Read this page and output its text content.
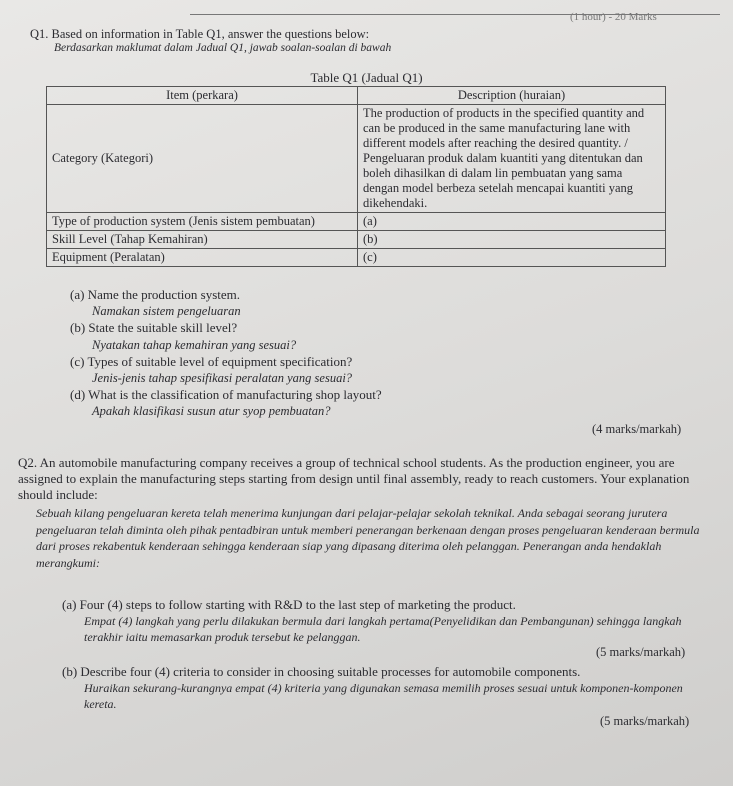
(1 hour) - 20 Marks
Q1. Based on information in Table Q1, answer the questions below:
Berdasarkan maklumat dalam Jadual Q1, jawab soalan-soalan di bawah
Table Q1 (Jadual Q1)
Item (perkara)	Description (huraian)
Category (Kategori)	The production of products in the specified quantity and can be produced in the same manufacturing lane with different models after reaching the desired quantity. / Pengeluaran produk dalam kuantiti yang ditentukan dan boleh dihasilkan di dalam lin pembuatan yang sama dengan model berbeza setelah mencapai kuantiti yang dikehendaki.
Type of production system (Jenis sistem pembuatan)	(a)
Skill Level (Tahap Kemahiran)	(b)
Equipment (Peralatan)	(c)
(a) Name the production system.
Namakan sistem pengeluaran
(b) State the suitable skill level?
Nyatakan tahap kemahiran yang sesuai?
(c) Types of suitable level of equipment specification?
Jenis-jenis tahap spesifikasi peralatan yang sesuai?
(d) What is the classification of manufacturing shop layout?
Apakah klasifikasi susun atur syop pembuatan?
(4 marks/markah)
Q2. An automobile manufacturing company receives a group of technical school students. As the production engineer, you are assigned to explain the manufacturing steps starting from design until final assembly, ready to reach customers. Your explanation should include:
Sebuah kilang pengeluaran kereta telah menerima kunjungan dari pelajar-pelajar sekolah teknikal. Anda sebagai seorang jurutera pengeluaran telah diminta oleh pihak pentadbiran untuk memberi penerangan berkenaan dengan proses pengeluaran kenderaan bermula dari proses rekabentuk kenderaan sehingga kenderaan siap yang dipasang diterima oleh pelanggan. Penerangan anda hendaklah merangkumi:
(a) Four (4) steps to follow starting with R&D to the last step of marketing the product.
Empat (4) langkah yang perlu dilakukan bermula dari langkah pertama(Penyelidikan dan Pembangunan) sehingga langkah terakhir iaitu memasarkan produk tersebut ke pelanggan.
(5 marks/markah)
(b) Describe four (4) criteria to consider in choosing suitable processes for automobile components.
Huraikan sekurang-kurangnya empat (4) kriteria yang digunakan semasa memilih proses sesuai untuk komponen-komponen kereta.
(5 marks/markah)
